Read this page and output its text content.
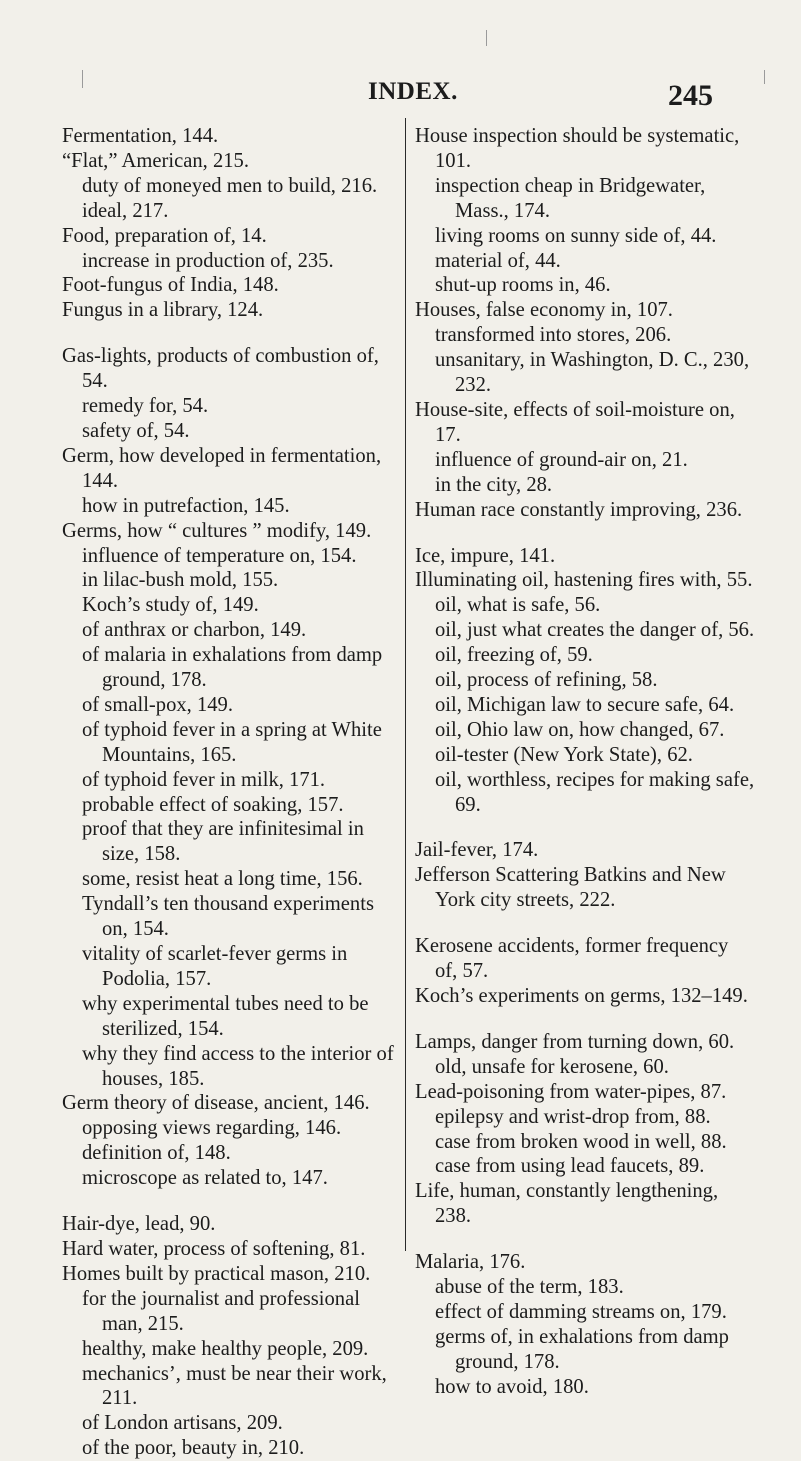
INDEX.	245

Fermentation, 144.

“Flat,” American, 215.

duty of moneyed men to build, 216.

ideal, 217.

Food, preparation of, 14.

increase in production of, 235.

Foot-fungus of India, 148.

Fungus in a library, 124.

Gas-lights, products of combustion of, 54.

remedy for, 54.

safety of, 54.

Germ, how developed in fermentation, 144.

how in putrefaction, 145.

Germs, how “ cultures ” modify, 149.

influence of temperature on, 154.

in lilac-bush mold, 155.

Koch’s study of, 149.

of anthrax or charbon, 149.

of malaria in exhalations from damp ground, 178.

of small-pox, 149.

of typhoid fever in a spring at White Mountains, 165.

of typhoid fever in milk, 171.

probable effect of soaking, 157.

proof that they are infinitesimal in size, 158.

some, resist heat a long time, 156.

Tyndall’s ten thousand experiments on, 154.

vitality of scarlet-fever germs in Podolia, 157.

why experimental tubes need to be sterilized, 154.

why they find access to the interior of houses, 185.

Germ theory of disease, ancient, 146.

opposing views regarding, 146.

definition of, 148.

microscope as related to, 147.

Hair-dye, lead, 90.

Hard water, process of softening, 81.

Homes built by practical mason, 210.

for the journalist and professional man, 215.

healthy, make healthy people, 209.

mechanics’, must be near their work, 211.

of London artisans, 209.

of the poor, beauty in, 210.

House inspection should be systematic, 101.

inspection cheap in Bridgewater, Mass., 174.

living rooms on sunny side of, 44.

material of, 44.

shut-up rooms in, 46.

Houses, false economy in, 107.

transformed into stores, 206.

unsanitary, in Washington, D. C., 230, 232.

House-site, effects of soil-moisture on, 17.

influence of ground-air on, 21.

in the city, 28.

Human race constantly improving, 236.

Ice, impure, 141.

Illuminating oil, hastening fires with, 55.

oil, what is safe, 56.

oil, just what creates the danger of, 56.

oil, freezing of, 59.

oil, process of refining, 58.

oil, Michigan law to secure safe, 64.

oil, Ohio law on, how changed, 67.

oil-tester (New York State), 62.

oil, worthless, recipes for making safe, 69.

Jail-fever, 174.

Jefferson Scattering Batkins and New York city streets, 222.

Kerosene accidents, former frequency of, 57.

Koch’s experiments on germs, 132–149.

Lamps, danger from turning down, 60.

old, unsafe for kerosene, 60.

Lead-poisoning from water-pipes, 87.

epilepsy and wrist-drop from, 88.

case from broken wood in well, 88.

case from using lead faucets, 89.

Life, human, constantly lengthening, 238.

Malaria, 176.

abuse of the term, 183.

effect of damming streams on, 179.

germs of, in exhalations from damp ground, 178.

how to avoid, 180.
